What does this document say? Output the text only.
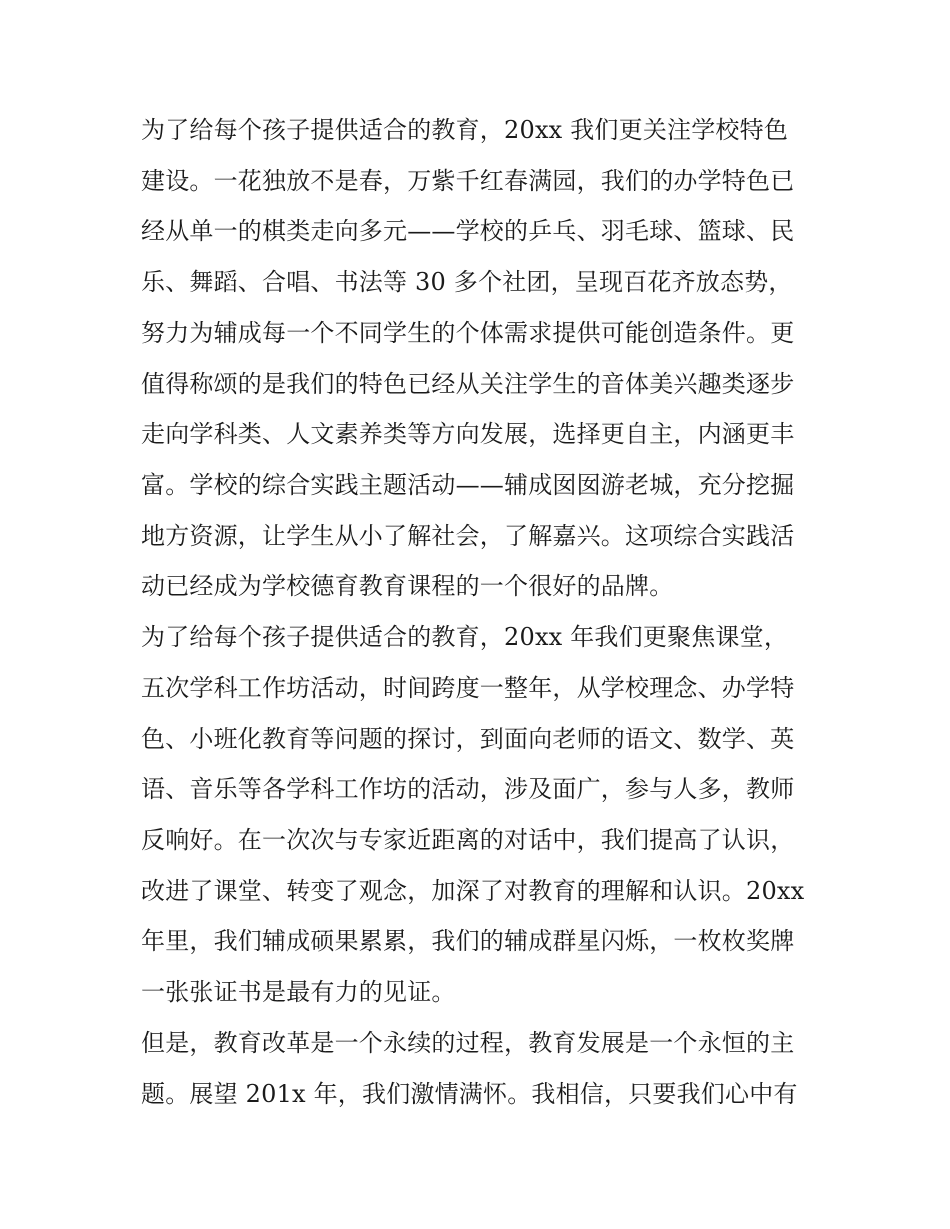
为了给每个孩子提供适合的教育，20xx 我们更关注学校特色
建设。一花独放不是春，万紫千红春满园，我们的办学特色已
经从单一的棋类走向多元——学校的乒乓、羽毛球、篮球、民
乐、舞蹈、合唱、书法等 30 多个社团，呈现百花齐放态势，
努力为辅成每一个不同学生的个体需求提供可能创造条件。更
值得称颂的是我们的特色已经从关注学生的音体美兴趣类逐步
走向学科类、人文素养类等方向发展，选择更自主，内涵更丰
富。学校的综合实践主题活动——辅成囡囡游老城，充分挖掘
地方资源，让学生从小了解社会，了解嘉兴。这项综合实践活
动已经成为学校德育教育课程的一个很好的品牌。
为了给每个孩子提供适合的教育，20xx 年我们更聚焦课堂，
五次学科工作坊活动，时间跨度一整年，从学校理念、办学特
色、小班化教育等问题的探讨，到面向老师的语文、数学、英
语、音乐等各学科工作坊的活动，涉及面广，参与人多，教师
反响好。在一次次与专家近距离的对话中，我们提高了认识，
改进了课堂、转变了观念，加深了对教育的理解和认识。20xx
年里，我们辅成硕果累累，我们的辅成群星闪烁，一枚枚奖牌
一张张证书是最有力的见证。
但是，教育改革是一个永续的过程，教育发展是一个永恒的主
题。展望 201x 年，我们激情满怀。我相信，只要我们心中有
